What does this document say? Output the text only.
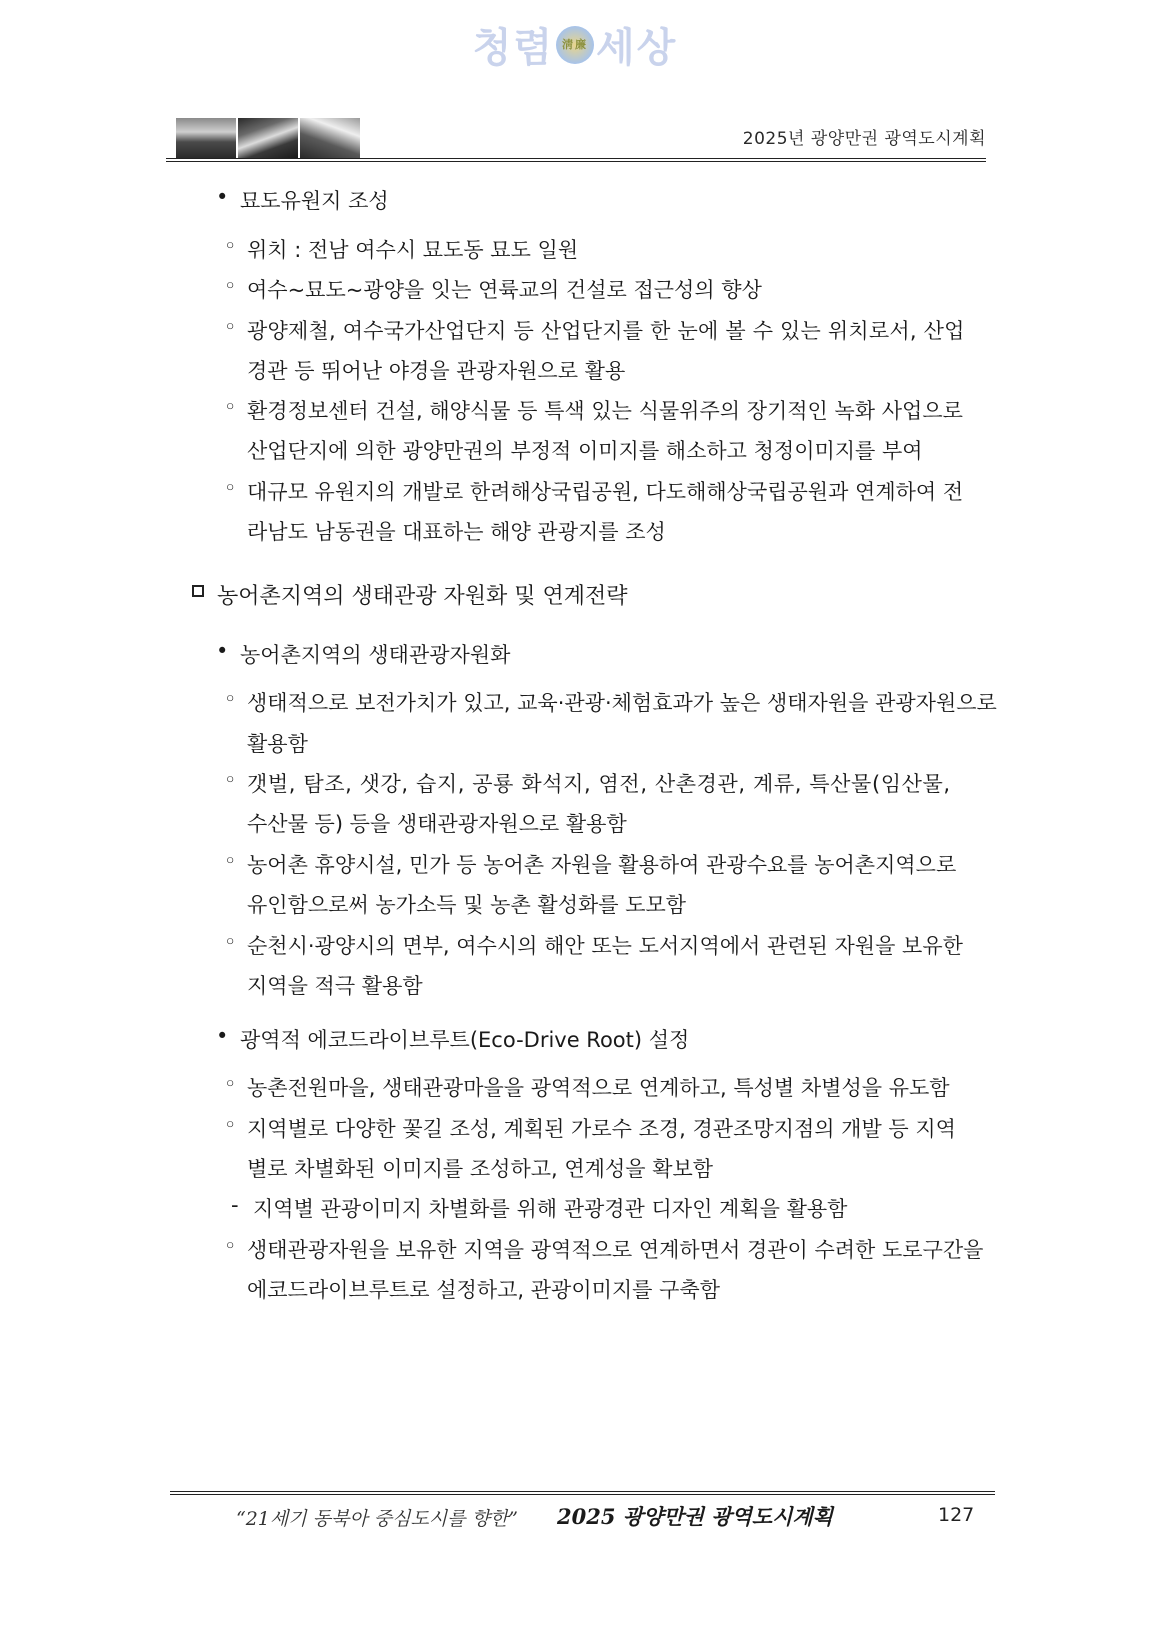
청렴 淸廉 세상
2025년 광양만권 광역도시계획
• 묘도유원지 조성
◦ 위치 : 전남 여수시 묘도동 묘도 일원
◦ 여수~묘도~광양을 잇는 연륙교의 건설로 접근성의 향상
◦ 광양제철, 여수국가산업단지 등 산업단지를 한 눈에 볼 수 있는 위치로서, 산업
경관 등 뛰어난 야경을 관광자원으로 활용
◦ 환경정보센터 건설, 해양식물 등 특색 있는 식물위주의 장기적인 녹화 사업으로
산업단지에 의한 광양만권의 부정적 이미지를 해소하고 청정이미지를 부여
◦ 대규모 유원지의 개발로 한려해상국립공원, 다도해해상국립공원과 연계하여 전
라남도 남동권을 대표하는 해양 관광지를 조성
농어촌지역의 생태관광 자원화 및 연계전략
• 농어촌지역의 생태관광자원화
◦ 생태적으로 보전가치가 있고, 교육·관광·체험효과가 높은 생태자원을 관광자원으로
활용함
◦ 갯벌, 탐조, 샛강, 습지, 공룡 화석지, 염전, 산촌경관, 계류, 특산물(임산물,
수산물 등) 등을 생태관광자원으로 활용함
◦ 농어촌 휴양시설, 민가 등 농어촌 자원을 활용하여 관광수요를 농어촌지역으로
유인함으로써 농가소득 및 농촌 활성화를 도모함
◦ 순천시·광양시의 면부, 여수시의 해안 또는 도서지역에서 관련된 자원을 보유한
지역을 적극 활용함
• 광역적 에코드라이브루트(Eco-Drive Root) 설정
◦ 농촌전원마을, 생태관광마을을 광역적으로 연계하고, 특성별 차별성을 유도함
◦ 지역별로 다양한 꽃길 조성, 계획된 가로수 조경, 경관조망지점의 개발 등 지역
별로 차별화된 이미지를 조성하고, 연계성을 확보함
- 지역별 관광이미지 차별화를 위해 관광경관 디자인 계획을 활용함
◦ 생태관광자원을 보유한 지역을 광역적으로 연계하면서 경관이 수려한 도로구간을
에코드라이브루트로 설정하고, 관광이미지를 구축함
“21세기 동북아 중심도시를 향한” 2025 광양만권 광역도시계획	127
